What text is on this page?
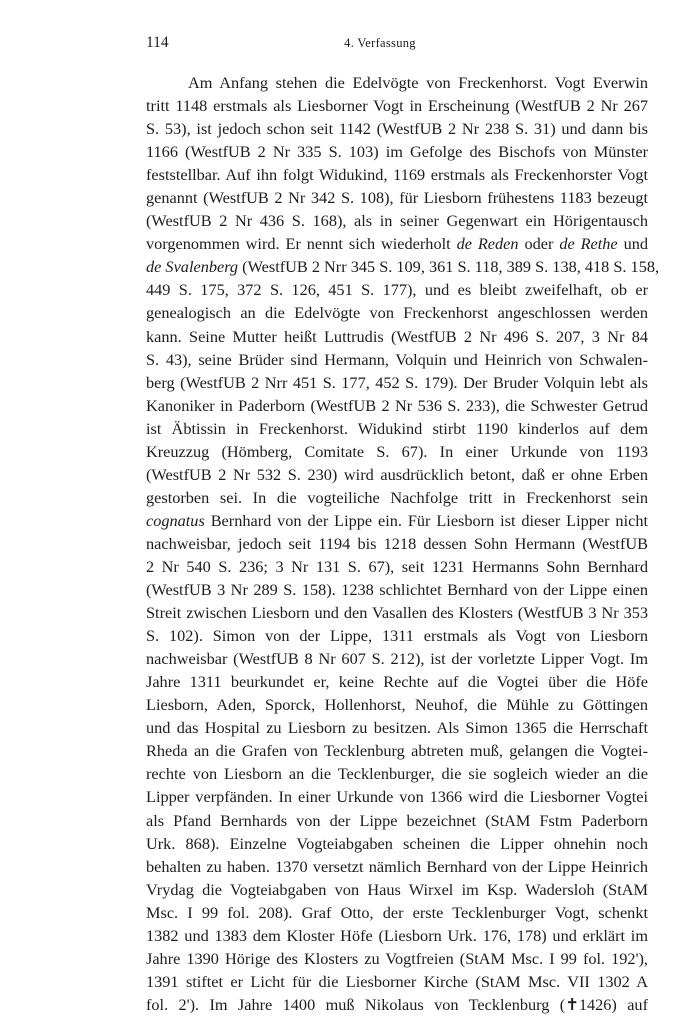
114	4. Verfassung
Am Anfang stehen die Edelvögte von Freckenhorst. Vogt Everwin
tritt 1148 erstmals als Liesborner Vogt in Erscheinung (WestfUB 2 Nr 267
S. 53), ist jedoch schon seit 1142 (WestfUB 2 Nr 238 S. 31) und dann bis
1166 (WestfUB 2 Nr 335 S. 103) im Gefolge des Bischofs von Münster
feststellbar. Auf ihn folgt Widukind, 1169 erstmals als Freckenhorster Vogt
genannt (WestfUB 2 Nr 342 S. 108), für Liesborn frühestens 1183 bezeugt
(WestfUB 2 Nr 436 S. 168), als in seiner Gegenwart ein Hörigentausch
vorgenommen wird. Er nennt sich wiederholt de Reden oder de Rethe und
de Svalenberg (WestfUB 2 Nrr 345 S. 109, 361 S. 118, 389 S. 138, 418 S. 158,
449 S. 175, 372 S. 126, 451 S. 177), und es bleibt zweifelhaft, ob er
genealogisch an die Edelvögte von Freckenhorst angeschlossen werden
kann. Seine Mutter heißt Luttrudis (WestfUB 2 Nr 496 S. 207, 3 Nr 84
S. 43), seine Brüder sind Hermann, Volquin und Heinrich von Schwalen-
berg (WestfUB 2 Nrr 451 S. 177, 452 S. 179). Der Bruder Volquin lebt als
Kanoniker in Paderborn (WestfUB 2 Nr 536 S. 233), die Schwester Getrud
ist Äbtissin in Freckenhorst. Widukind stirbt 1190 kinderlos auf dem
Kreuzzug (Hömberg, Comitate S. 67). In einer Urkunde von 1193
(WestfUB 2 Nr 532 S. 230) wird ausdrücklich betont, daß er ohne Erben
gestorben sei. In die vogteiliche Nachfolge tritt in Freckenhorst sein
cognatus Bernhard von der Lippe ein. Für Liesborn ist dieser Lipper nicht
nachweisbar, jedoch seit 1194 bis 1218 dessen Sohn Hermann (WestfUB
2 Nr 540 S. 236; 3 Nr 131 S. 67), seit 1231 Hermanns Sohn Bernhard
(WestfUB 3 Nr 289 S. 158). 1238 schlichtet Bernhard von der Lippe einen
Streit zwischen Liesborn und den Vasallen des Klosters (WestfUB 3 Nr 353
S. 102). Simon von der Lippe, 1311 erstmals als Vogt von Liesborn
nachweisbar (WestfUB 8 Nr 607 S. 212), ist der vorletzte Lipper Vogt. Im
Jahre 1311 beurkundet er, keine Rechte auf die Vogtei über die Höfe
Liesborn, Aden, Sporck, Hollenhorst, Neuhof, die Mühle zu Göttingen
und das Hospital zu Liesborn zu besitzen. Als Simon 1365 die Herrschaft
Rheda an die Grafen von Tecklenburg abtreten muß, gelangen die Vogtei-
rechte von Liesborn an die Tecklenburger, die sie sogleich wieder an die
Lipper verpfänden. In einer Urkunde von 1366 wird die Liesborner Vogtei
als Pfand Bernhards von der Lippe bezeichnet (StAM Fstm Paderborn
Urk. 868). Einzelne Vogteiabgaben scheinen die Lipper ohnehin noch
behalten zu haben. 1370 versetzt nämlich Bernhard von der Lippe Heinrich
Vrydag die Vogteiabgaben von Haus Wirxel im Ksp. Wadersloh (StAM
Msc. I 99 fol. 208). Graf Otto, der erste Tecklenburger Vogt, schenkt
1382 und 1383 dem Kloster Höfe (Liesborn Urk. 176, 178) und erklärt im
Jahre 1390 Hörige des Klosters zu Vogtfreien (StAM Msc. I 99 fol. 192'),
1391 stiftet er Licht für die Liesborner Kirche (StAM Msc. VII 1302 A
fol. 2'). Im Jahre 1400 muß Nikolaus von Tecklenburg (✝1426) auf
